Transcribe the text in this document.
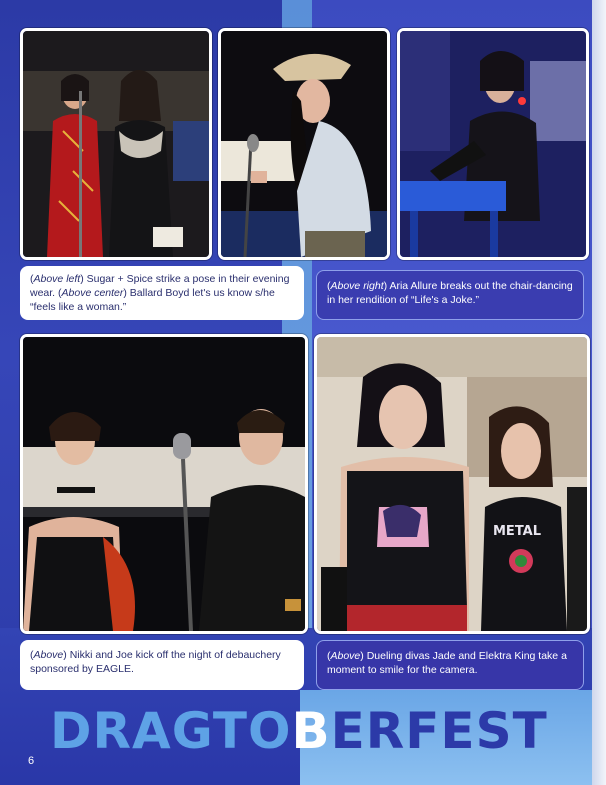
(Above left) Sugar + Spice strike a pose in their evening wear. (Above center) Ballard Boyd let's us know s/he “feels like a woman.”
(Above right) Aria Allure breaks out the chair-dancing in her rendition of “Life's a Joke.”
METAL
(Above) Nikki and Joe kick off the night of debauchery sponsored by EAGLE.
(Above) Dueling divas Jade and Elektra King take a moment to smile for the camera.
DRAGTOBERFEST
6
